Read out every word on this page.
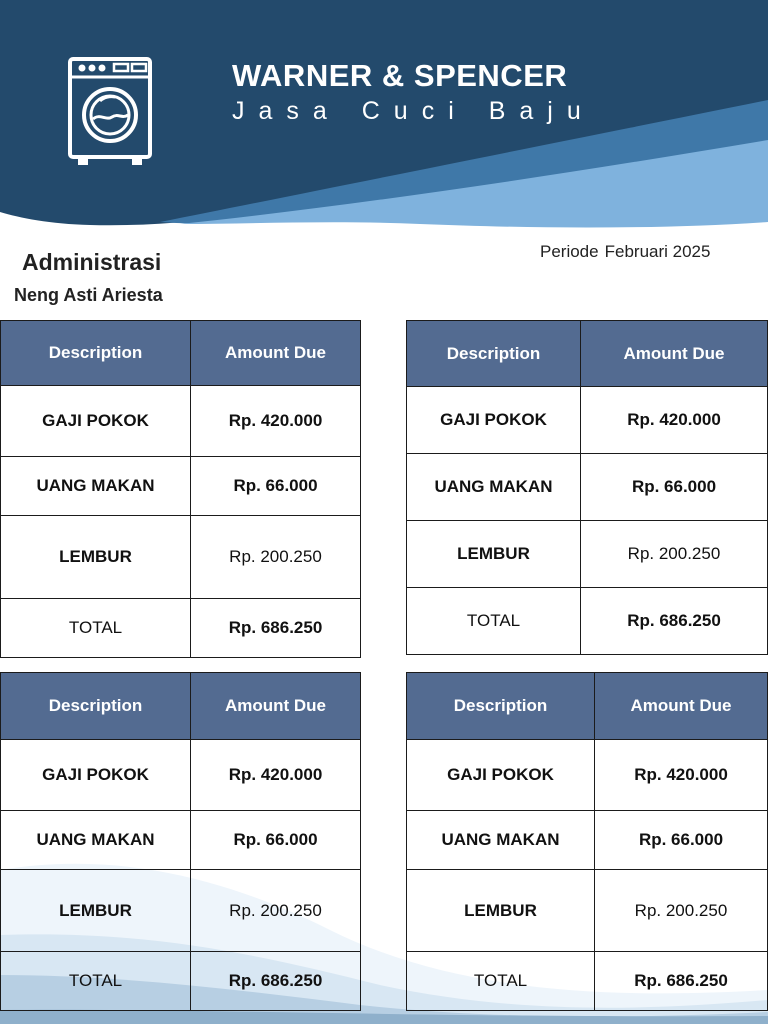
WARNER & SPENCER
Jasa Cuci Baju
Periode Februari 2025
Administrasi
Neng Asti Ariesta
Description	Amount Due
GAJI POKOK	Rp. 420.000
UANG MAKAN	Rp. 66.000
LEMBUR	Rp. 200.250
TOTAL	Rp. 686.250
Description	Amount Due
GAJI POKOK	Rp. 420.000
UANG MAKAN	Rp. 66.000
LEMBUR	Rp. 200.250
TOTAL	Rp. 686.250
Description	Amount Due
GAJI POKOK	Rp. 420.000
UANG MAKAN	Rp. 66.000
LEMBUR	Rp. 200.250
TOTAL	Rp. 686.250
Description	Amount Due
GAJI POKOK	Rp. 420.000
UANG MAKAN	Rp. 66.000
LEMBUR	Rp. 200.250
TOTAL	Rp. 686.250
